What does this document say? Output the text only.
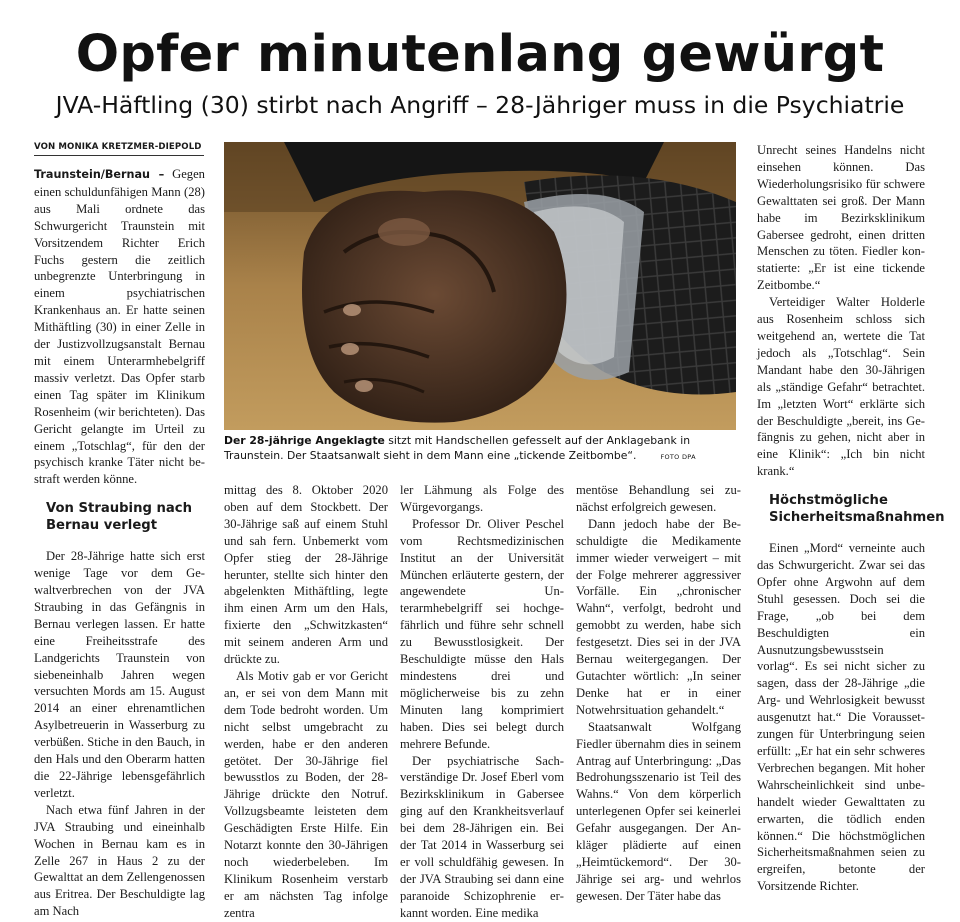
Opfer minutenlang gewürgt
JVA-Häftling (30) stirbt nach Angriff – 28-Jähriger muss in die Psychiatrie
VON MONIKA KRETZMER-DIEPOLD

Traunstein/Bernau – Gegen einen schuldunfähigen Mann (28) aus Mali ordnete das Schwurgericht Traunstein mit Vorsitzendem Richter Erich Fuchs gestern die zeitlich unbegrenzte Unterbringung in einem psychiatrischen Krankenhaus an. Er hatte seinen Mithäftling (30) in einer Zelle in der Justizvollzugsanstalt Bernau mit einem Unterarmhebelgriff massiv verletzt. Das Opfer starb einen Tag später im Klinikum Rosenheim (wir berichteten). Das Gericht gelangte im Urteil zu einem „Totschlag“, für den der psychisch kranke Täter nicht bestraft werden könne.

Von Straubing nach Bernau verlegt

Der 28-Jährige hatte sich erst wenige Tage vor dem Gewaltverbrechen von der JVA Straubing in das Gefängnis in Bernau verlegen lassen. Er hatte eine Freiheitsstrafe des Landgerichts Traunstein von siebeneinhalb Jahren wegen versuchten Mords am 15. August 2014 an einer ehrenamtlichen Asylbetreuerin in Wasserburg zu verbüßen. Stiche in den Bauch, in den Hals und den Oberarm hatten die 22-Jährige lebensgefährlich verletzt.

Nach etwa fünf Jahren in der JVA Straubing und eineinhalb Wochen in Bernau kam es in Zelle 267 in Haus 2 zu der Gewalttat an dem Zellengenossen aus Eritrea. Der Beschuldigte lag am Nach

Der 28-jährige Angeklagte sitzt mit Handschellen gefesselt auf der Anklagebank in Traunstein. Der Staatsanwalt sieht in dem Mann eine „tickende Zeitbombe“.	FOTO DPA

mittag des 8. Oktober 2020 oben auf dem Stockbett. Der 30-Jährige saß auf einem Stuhl und sah fern. Unbemerkt vom Opfer stieg der 28-Jährige herunter, stellte sich hinter den abgelenkten Mithäftling, legte ihm einen Arm um den Hals, fixierte den „Schwitzkasten“ mit seinem anderen Arm und drückte zu.

Als Motiv gab er vor Gericht an, er sei von dem Mann mit dem Tode bedroht worden. Um nicht selbst umgebracht zu werden, habe er den anderen getötet. Der 30-Jährige fiel bewusstlos zu Boden, der 28-Jährige drückte den Notruf. Vollzugsbeamte leisteten dem Geschädigten Erste Hilfe. Ein Notarzt konnte den 30-Jährigen noch wiederbeleben. Im Klinikum Rosenheim verstarb er am nächsten Tag infolge zentra

ler Lähmung als Folge des Würgevorgangs.

Professor Dr. Oliver Peschel vom Rechtsmedizinischen Institut an der Universität München erläuterte gestern, der angewendete Unterarmhebelgriff sei hochgefährlich und führe sehr schnell zu Bewusstlosigkeit. Der Beschuldigte müsse den Hals mindestens drei und möglicherweise bis zu zehn Minuten lang komprimiert haben. Dies sei belegt durch mehrere Befunde.

Der psychiatrische Sachverständige Dr. Josef Eberl vom Bezirksklinikum in Gabersee ging auf den Krankheitsverlauf bei dem 28-Jährigen ein. Bei der Tat 2014 in Wasserburg sei er voll schuldfähig gewesen. In der JVA Straubing sei dann eine paranoide Schizophrenie erkannt worden. Eine medika

mentöse Behandlung sei zunächst erfolgreich gewesen.

Dann jedoch habe der Beschuldigte die Medikamente immer wieder verweigert – mit der Folge mehrerer aggressiver Vorfälle. Ein „chronischer Wahn“, verfolgt, bedroht und gemobbt zu werden, habe sich festgesetzt. Dies sei in der JVA Bernau weitergegangen. Der Gutachter wörtlich: „In seiner Denke hat er in einer Notwehrsituation gehandelt.“

Staatsanwalt Wolfgang Fiedler übernahm dies in seinem Antrag auf Unterbringung: „Das Bedrohungsszenario ist Teil des Wahns.“ Von dem körperlich unterlegenen Opfer sei keinerlei Gefahr ausgegangen. Der Ankläger plädierte auf einen „Heimtückemord“. Der 30-Jährige sei arg- und wehrlos gewesen. Der Täter habe das

Unrecht seines Handelns nicht einsehen können. Das Wiederholungsrisiko für schwere Gewalttaten sei groß. Der Mann habe im Bezirksklinikum Gabersee gedroht, einen dritten Menschen zu töten. Fiedler konstatierte: „Er ist eine tickende Zeitbombe.“

Verteidiger Walter Holderle aus Rosenheim schloss sich weitgehend an, wertete die Tat jedoch als „Totschlag“. Sein Mandant habe den 30-Jährigen als „ständige Gefahr“ betrachtet. Im „letzten Wort“ erklärte sich der Beschuldigte „bereit, ins Gefängnis zu gehen, nicht aber in eine Klinik“: „Ich bin nicht krank.“

Höchstmögliche Sicherheitsmaßnahmen

Einen „Mord“ verneinte auch das Schwurgericht. Zwar sei das Opfer ohne Argwohn auf dem Stuhl gesessen. Doch sei die Frage, „ob bei dem Beschuldigten ein Ausnutzungsbewusstsein vorlag“. Es sei nicht sicher zu sagen, dass der 28-Jährige „die Arg- und Wehrlosigkeit bewusst ausgenutzt hat.“ Die Voraussetzungen für Unterbringung seien erfüllt: „Er hat ein sehr schweres Verbrechen begangen. Mit hoher Wahrscheinlichkeit sind unbehandelt wieder Gewalttaten zu erwarten, die tödlich enden können.“ Die höchstmöglichen Sicherheitsmaßnahmen seien zu ergreifen, betonte der Vorsitzende Richter.
